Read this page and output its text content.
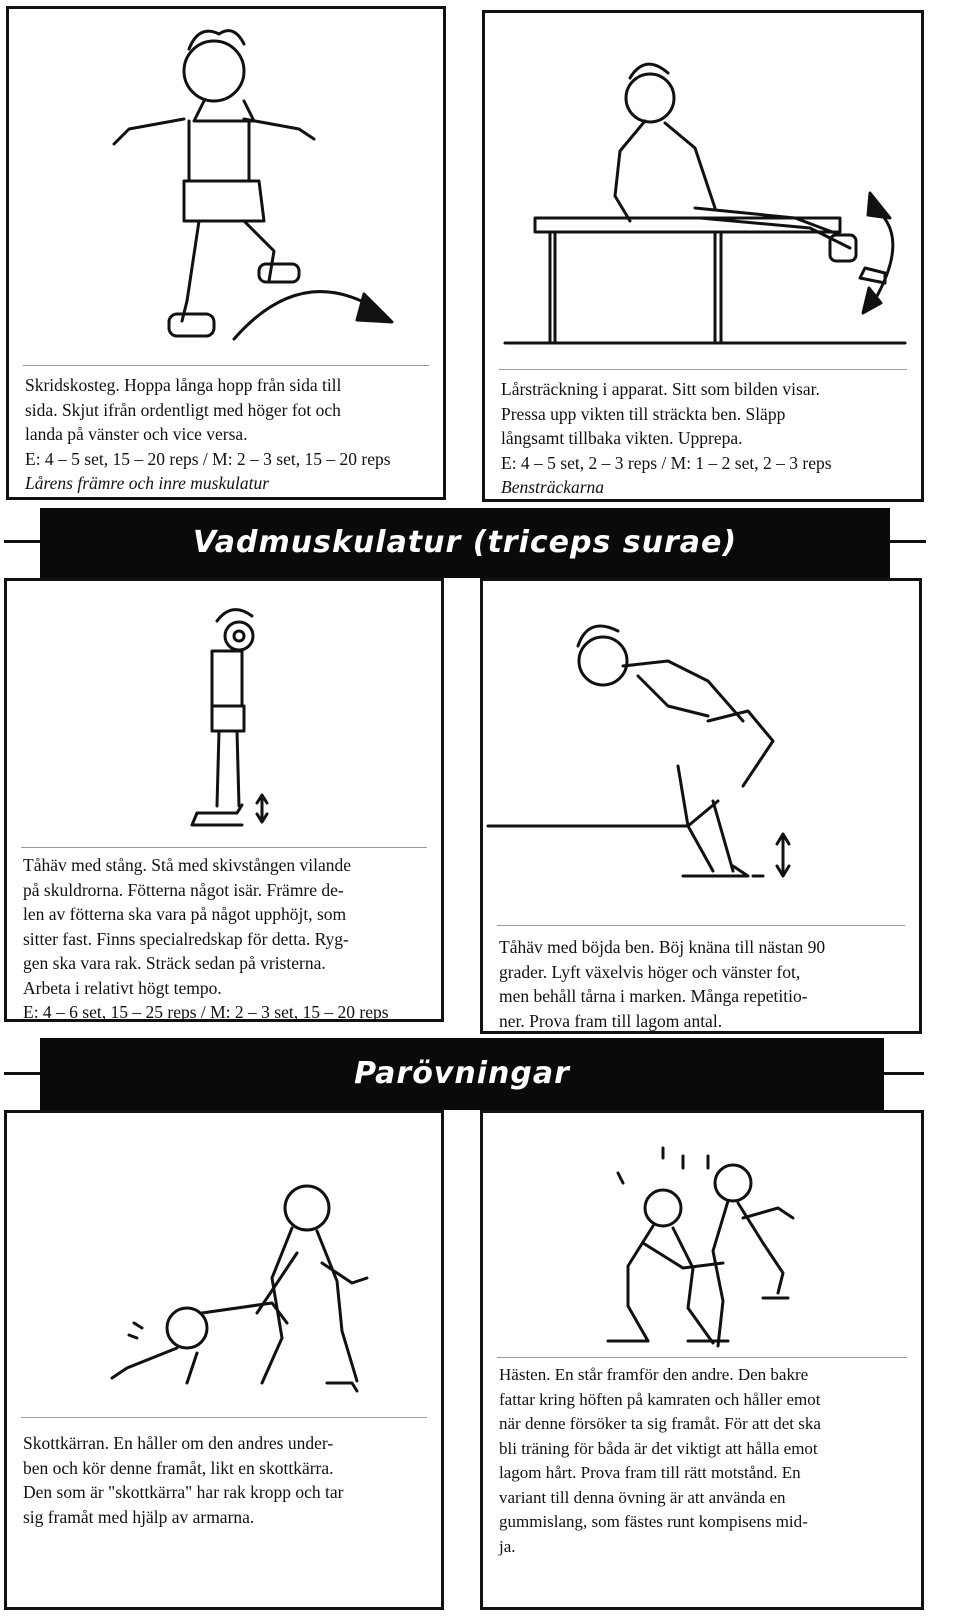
Skridskosteg. Hoppa långa hopp från sida till

sida. Skjut ifrån ordentligt med höger fot och

landa på vänster och vice versa.

E: 4 – 5 set, 15 – 20 reps / M: 2 – 3 set, 15 – 20 reps

Lårens främre och inre muskulatur

Lårsträckning i apparat. Sitt som bilden visar.

Pressa upp vikten till sträckta ben. Släpp

långsamt tillbaka vikten. Upprepa.

E: 4 – 5 set, 2 – 3 reps / M: 1 – 2 set, 2 – 3 reps

Bensträckarna

Vadmuskulatur (triceps surae)

Tåhäv med stång. Stå med skivstången vilande

på skuldrorna. Fötterna något isär. Främre de-

len av fötterna ska vara på något upphöjt, som

sitter fast. Finns specialredskap för detta. Ryg-

gen ska vara rak. Sträck sedan på vristerna.

Arbeta i relativt högt tempo.

E: 4 – 6 set, 15 – 25 reps / M: 2 – 3 set, 15 – 20 reps

Tåhäv med böjda ben. Böj knäna till nästan 90

grader. Lyft växelvis höger och vänster fot,

men behåll tårna i marken. Många repetitio-

ner. Prova fram till lagom antal.

Parövningar

Skottkärran. En håller om den andres under-

ben och kör denne framåt, likt en skottkärra.

Den som är "skottkärra" har rak kropp och tar

sig framåt med hjälp av armarna.

Hästen. En står framför den andre. Den bakre

fattar kring höften på kamraten och håller emot

när denne försöker ta sig framåt. För att det ska

bli träning för båda är det viktigt att hålla emot

lagom hårt. Prova fram till rätt motstånd. En

variant till denna övning är att använda en

gummislang, som fästes runt kompisens mid-

ja.
